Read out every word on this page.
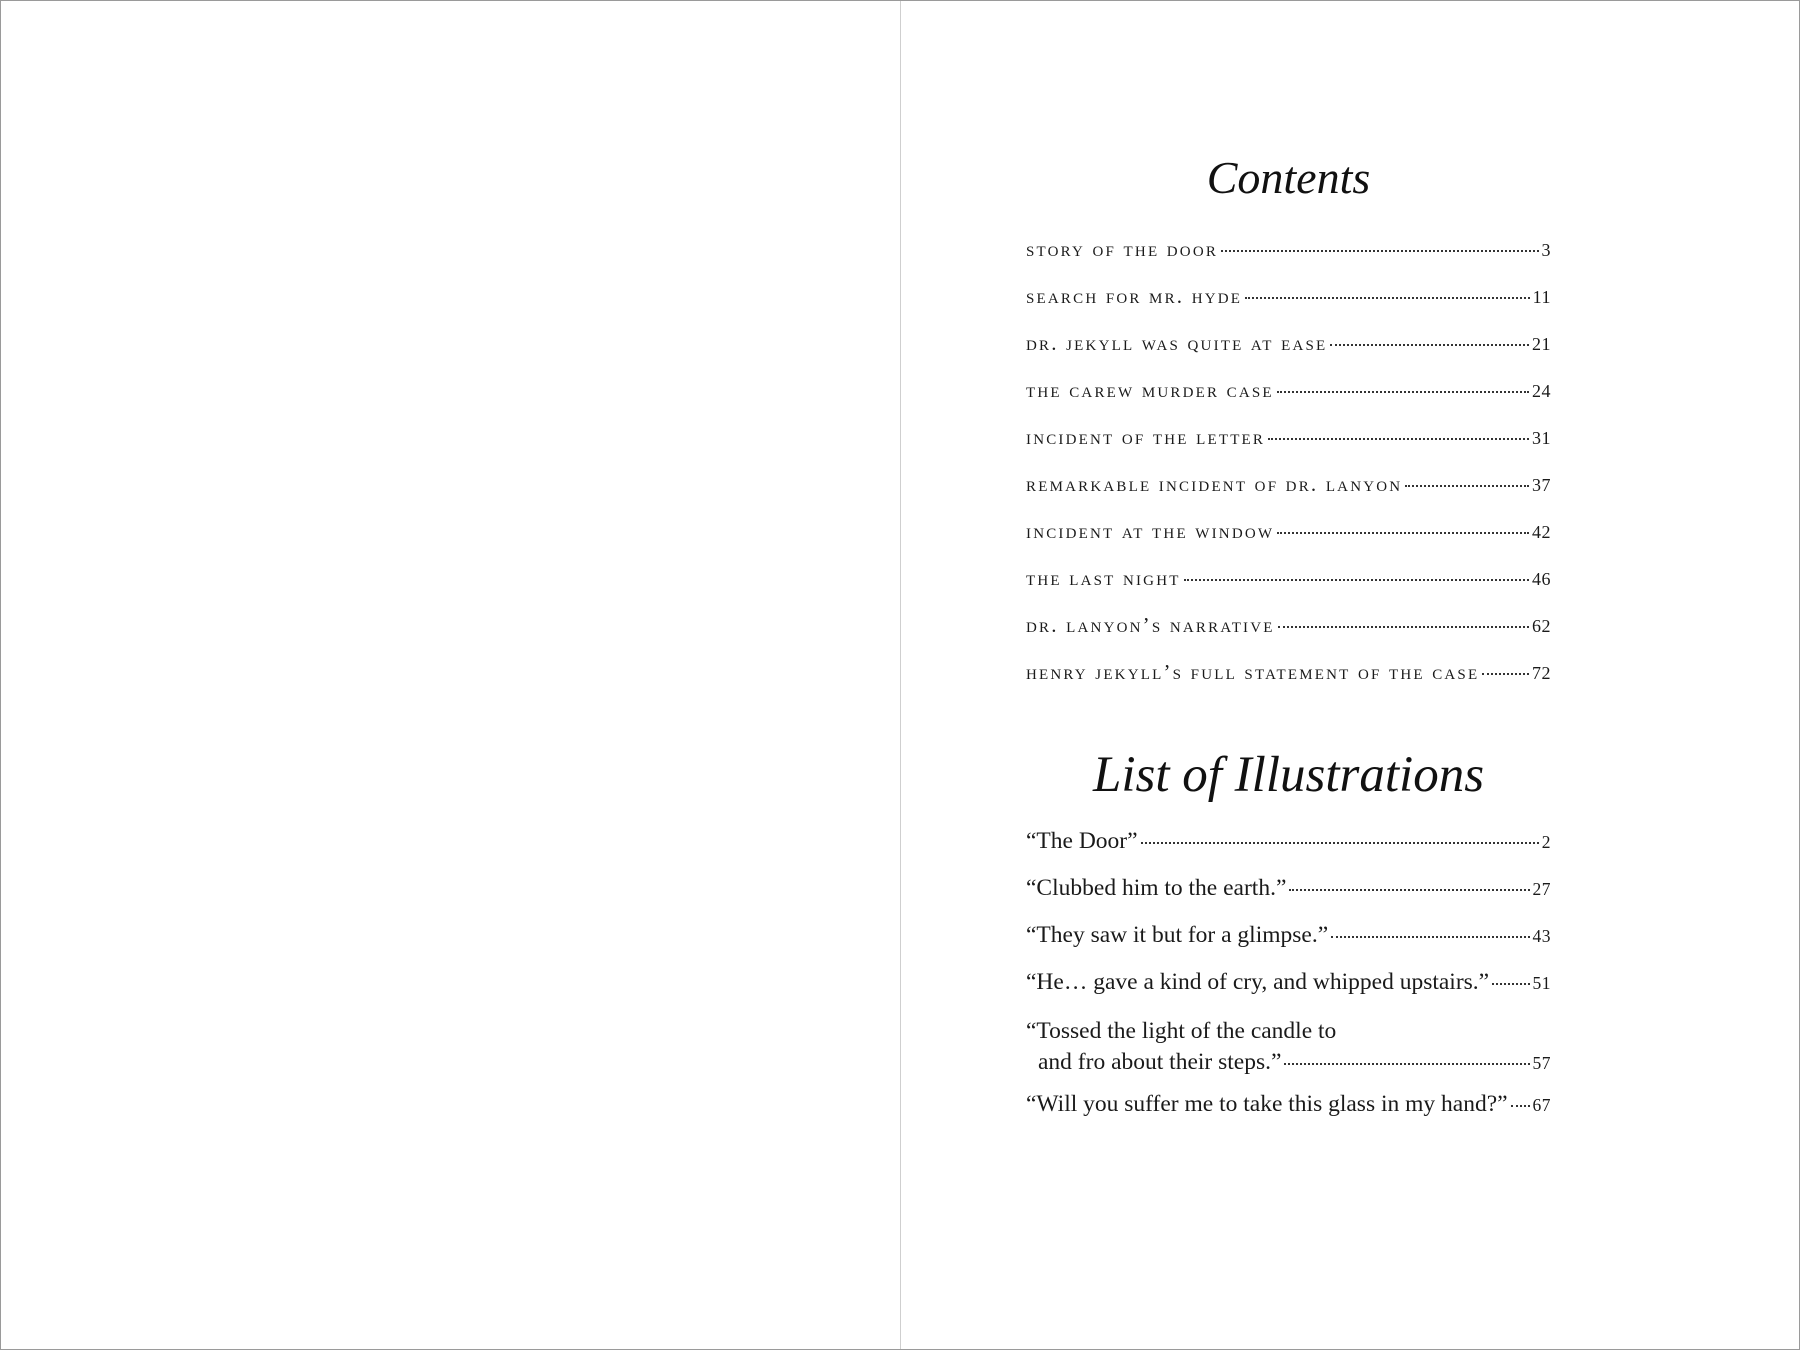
Contents
story of the door	3
search for mr. hyde	11
dr. jekyll was quite at ease	21
the carew murder case	24
incident of the letter	31
remarkable incident of dr. lanyon	37
incident at the window	42
the last night	46
dr. lanyon’s narrative	62
henry jekyll’s full statement of the case	72
List of Illustrations
“The Door”	2
“Clubbed him to the earth.”	27
“They saw it but for a glimpse.”	43
“He… gave a kind of cry, and whipped upstairs.” 51
“Tossed the light of the candle to
and fro about their steps.”	57
“Will you suffer me to take this glass in my hand?” 67
